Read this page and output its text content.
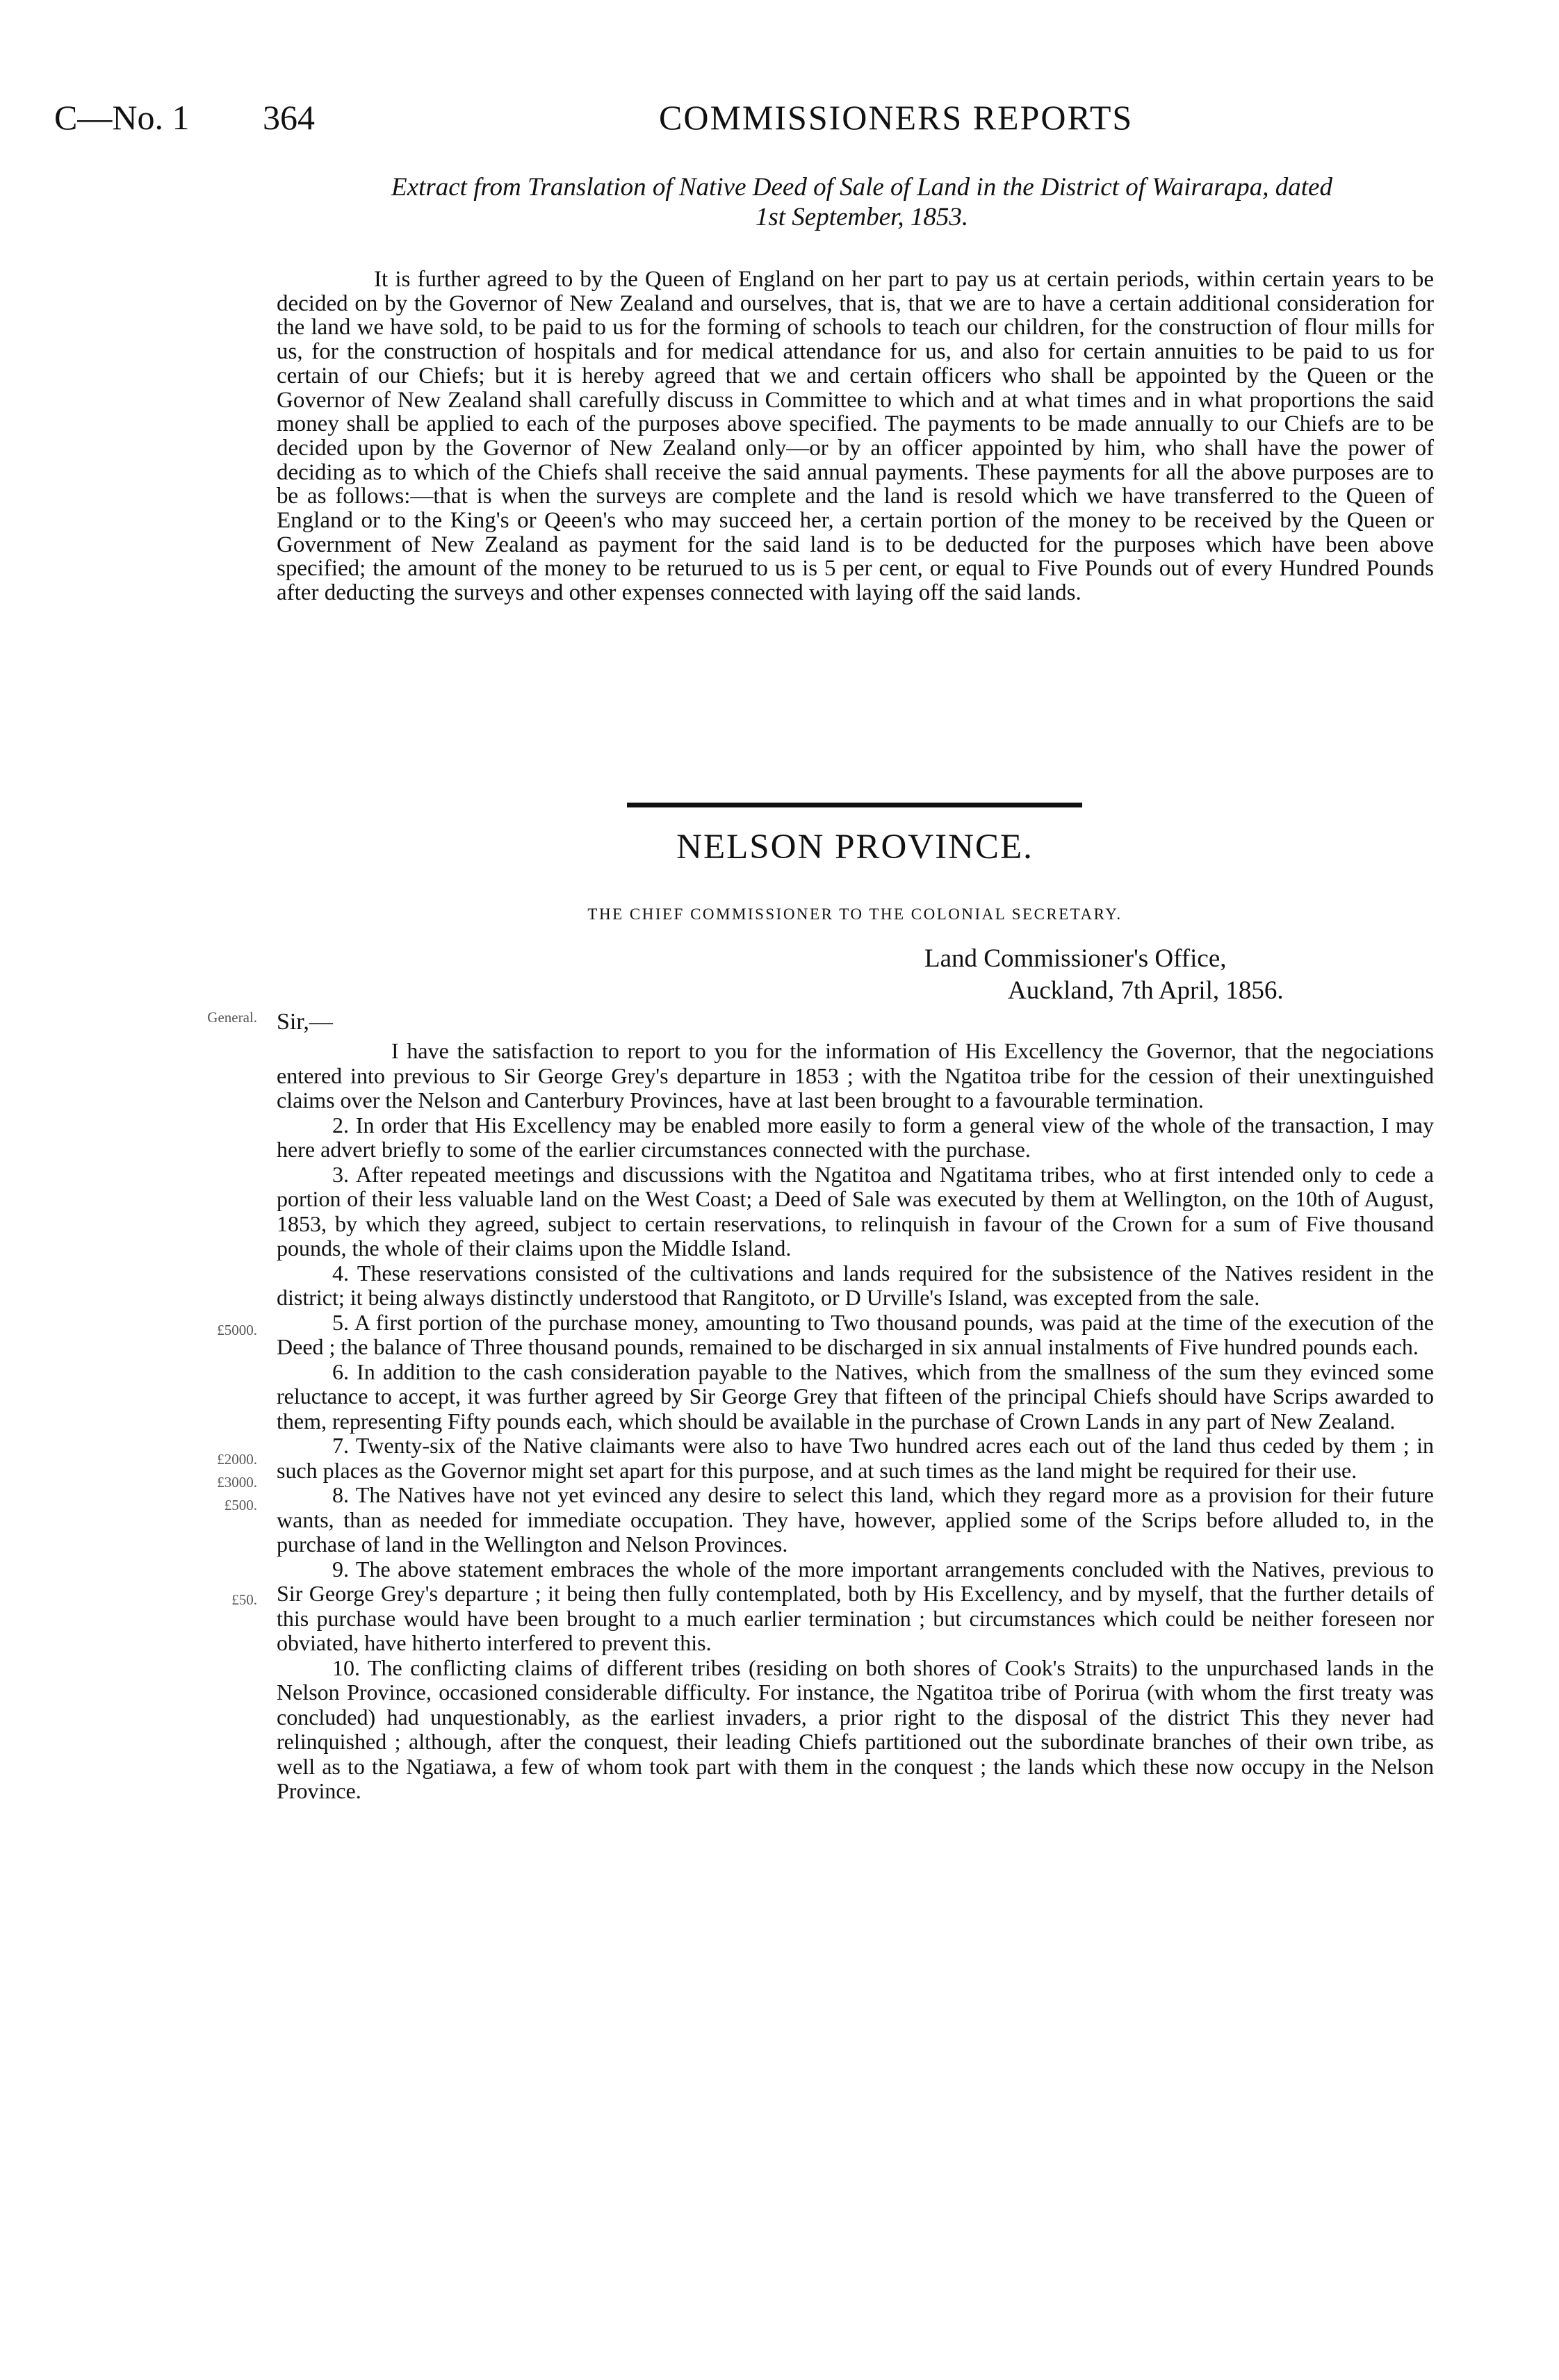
C—No. 1 364	COMMISSIONERS REPORTS
Extract from Translation of Native Deed of Sale of Land in the District of Wairarapa, dated
1st September, 1853.

It is further agreed to by the Queen of England on her part to pay us at certain periods, within certain years to be decided on by the Governor of New Zealand and ourselves, that is, that we are to have a certain additional consideration for the land we have sold, to be paid to us for the forming of schools to teach our children, for the construction of flour mills for us, for the construction of hospitals and for medical attendance for us, and also for certain annuities to be paid to us for certain of our Chiefs; but it is hereby agreed that we and certain officers who shall be appointed by the Queen or the Governor of New Zealand shall carefully discuss in Committee to which and at what times and in what proportions the said money shall be applied to each of the purposes above specified. The payments to be made annually to our Chiefs are to be decided upon by the Governor of New Zealand only—or by an officer appointed by him, who shall have the power of deciding as to which of the Chiefs shall receive the said annual payments. These payments for all the above purposes are to be as follows:—that is when the surveys are complete and the land is resold which we have transferred to the Queen of England or to the King's or Qeeen's who may succeed her, a certain portion of the money to be received by the Queen or Government of New Zealand as payment for the said land is to be deducted for the purposes which have been above specified; the amount of the money to be returued to us is 5 per cent, or equal to Five Pounds out of every Hundred Pounds after deducting the surveys and other expenses connected with laying off the said lands.

NELSON PROVINCE.
THE CHIEF COMMISSIONER TO THE COLONIAL SECRETARY.
Land Commissioner's Office,
Auckland, 7th April, 1856.
General. Sir,—
£5000.
£2000.
£3000.
£500.
£50.

I have the satisfaction to report to you for the information of His Excellency the Governor, that the negociations entered into previous to Sir George Grey's departure in 1853 ; with the Ngatitoa tribe for the cession of their unextinguished claims over the Nelson and Canterbury Provinces, have at last been brought to a favourable termination.

2. In order that His Excellency may be enabled more easily to form a general view of the whole of the transaction, I may here advert briefly to some of the earlier circumstances connected with the purchase.

3. After repeated meetings and discussions with the Ngatitoa and Ngatitama tribes, who at first intended only to cede a portion of their less valuable land on the West Coast; a Deed of Sale was executed by them at Wellington, on the 10th of August, 1853, by which they agreed, subject to certain reservations, to relinquish in favour of the Crown for a sum of Five thousand pounds, the whole of their claims upon the Middle Island.

4. These reservations consisted of the cultivations and lands required for the subsistence of the Natives resident in the district; it being always distinctly understood that Rangitoto, or D Urville's Island, was excepted from the sale.

5. A first portion of the purchase money, amounting to Two thousand pounds, was paid at the time of the execution of the Deed ; the balance of Three thousand pounds, remained to be discharged in six annual instalments of Five hundred pounds each.

6. In addition to the cash consideration payable to the Natives, which from the smallness of the sum they evinced some reluctance to accept, it was further agreed by Sir George Grey that fifteen of the principal Chiefs should have Scrips awarded to them, representing Fifty pounds each, which should be available in the purchase of Crown Lands in any part of New Zealand.

7. Twenty-six of the Native claimants were also to have Two hundred acres each out of the land thus ceded by them ; in such places as the Governor might set apart for this purpose, and at such times as the land might be required for their use.

8. The Natives have not yet evinced any desire to select this land, which they regard more as a provision for their future wants, than as needed for immediate occupation. They have, however, applied some of the Scrips before alluded to, in the purchase of land in the Wellington and Nelson Provinces.

9. The above statement embraces the whole of the more important arrangements concluded with the Natives, previous to Sir George Grey's departure ; it being then fully contemplated, both by His Excellency, and by myself, that the further details of this purchase would have been brought to a much earlier termination ; but circumstances which could be neither foreseen nor obviated, have hitherto interfered to prevent this.

10. The conflicting claims of different tribes (residing on both shores of Cook's Straits) to the unpurchased lands in the Nelson Province, occasioned considerable difficulty. For instance, the Ngatitoa tribe of Porirua (with whom the first treaty was concluded) had unquestionably, as the earliest invaders, a prior right to the disposal of the district This they never had relinquished ; although, after the conquest, their leading Chiefs partitioned out the subordinate branches of their own tribe, as well as to the Ngatiawa, a few of whom took part with them in the conquest ; the lands which these now occupy in the Nelson Province.
